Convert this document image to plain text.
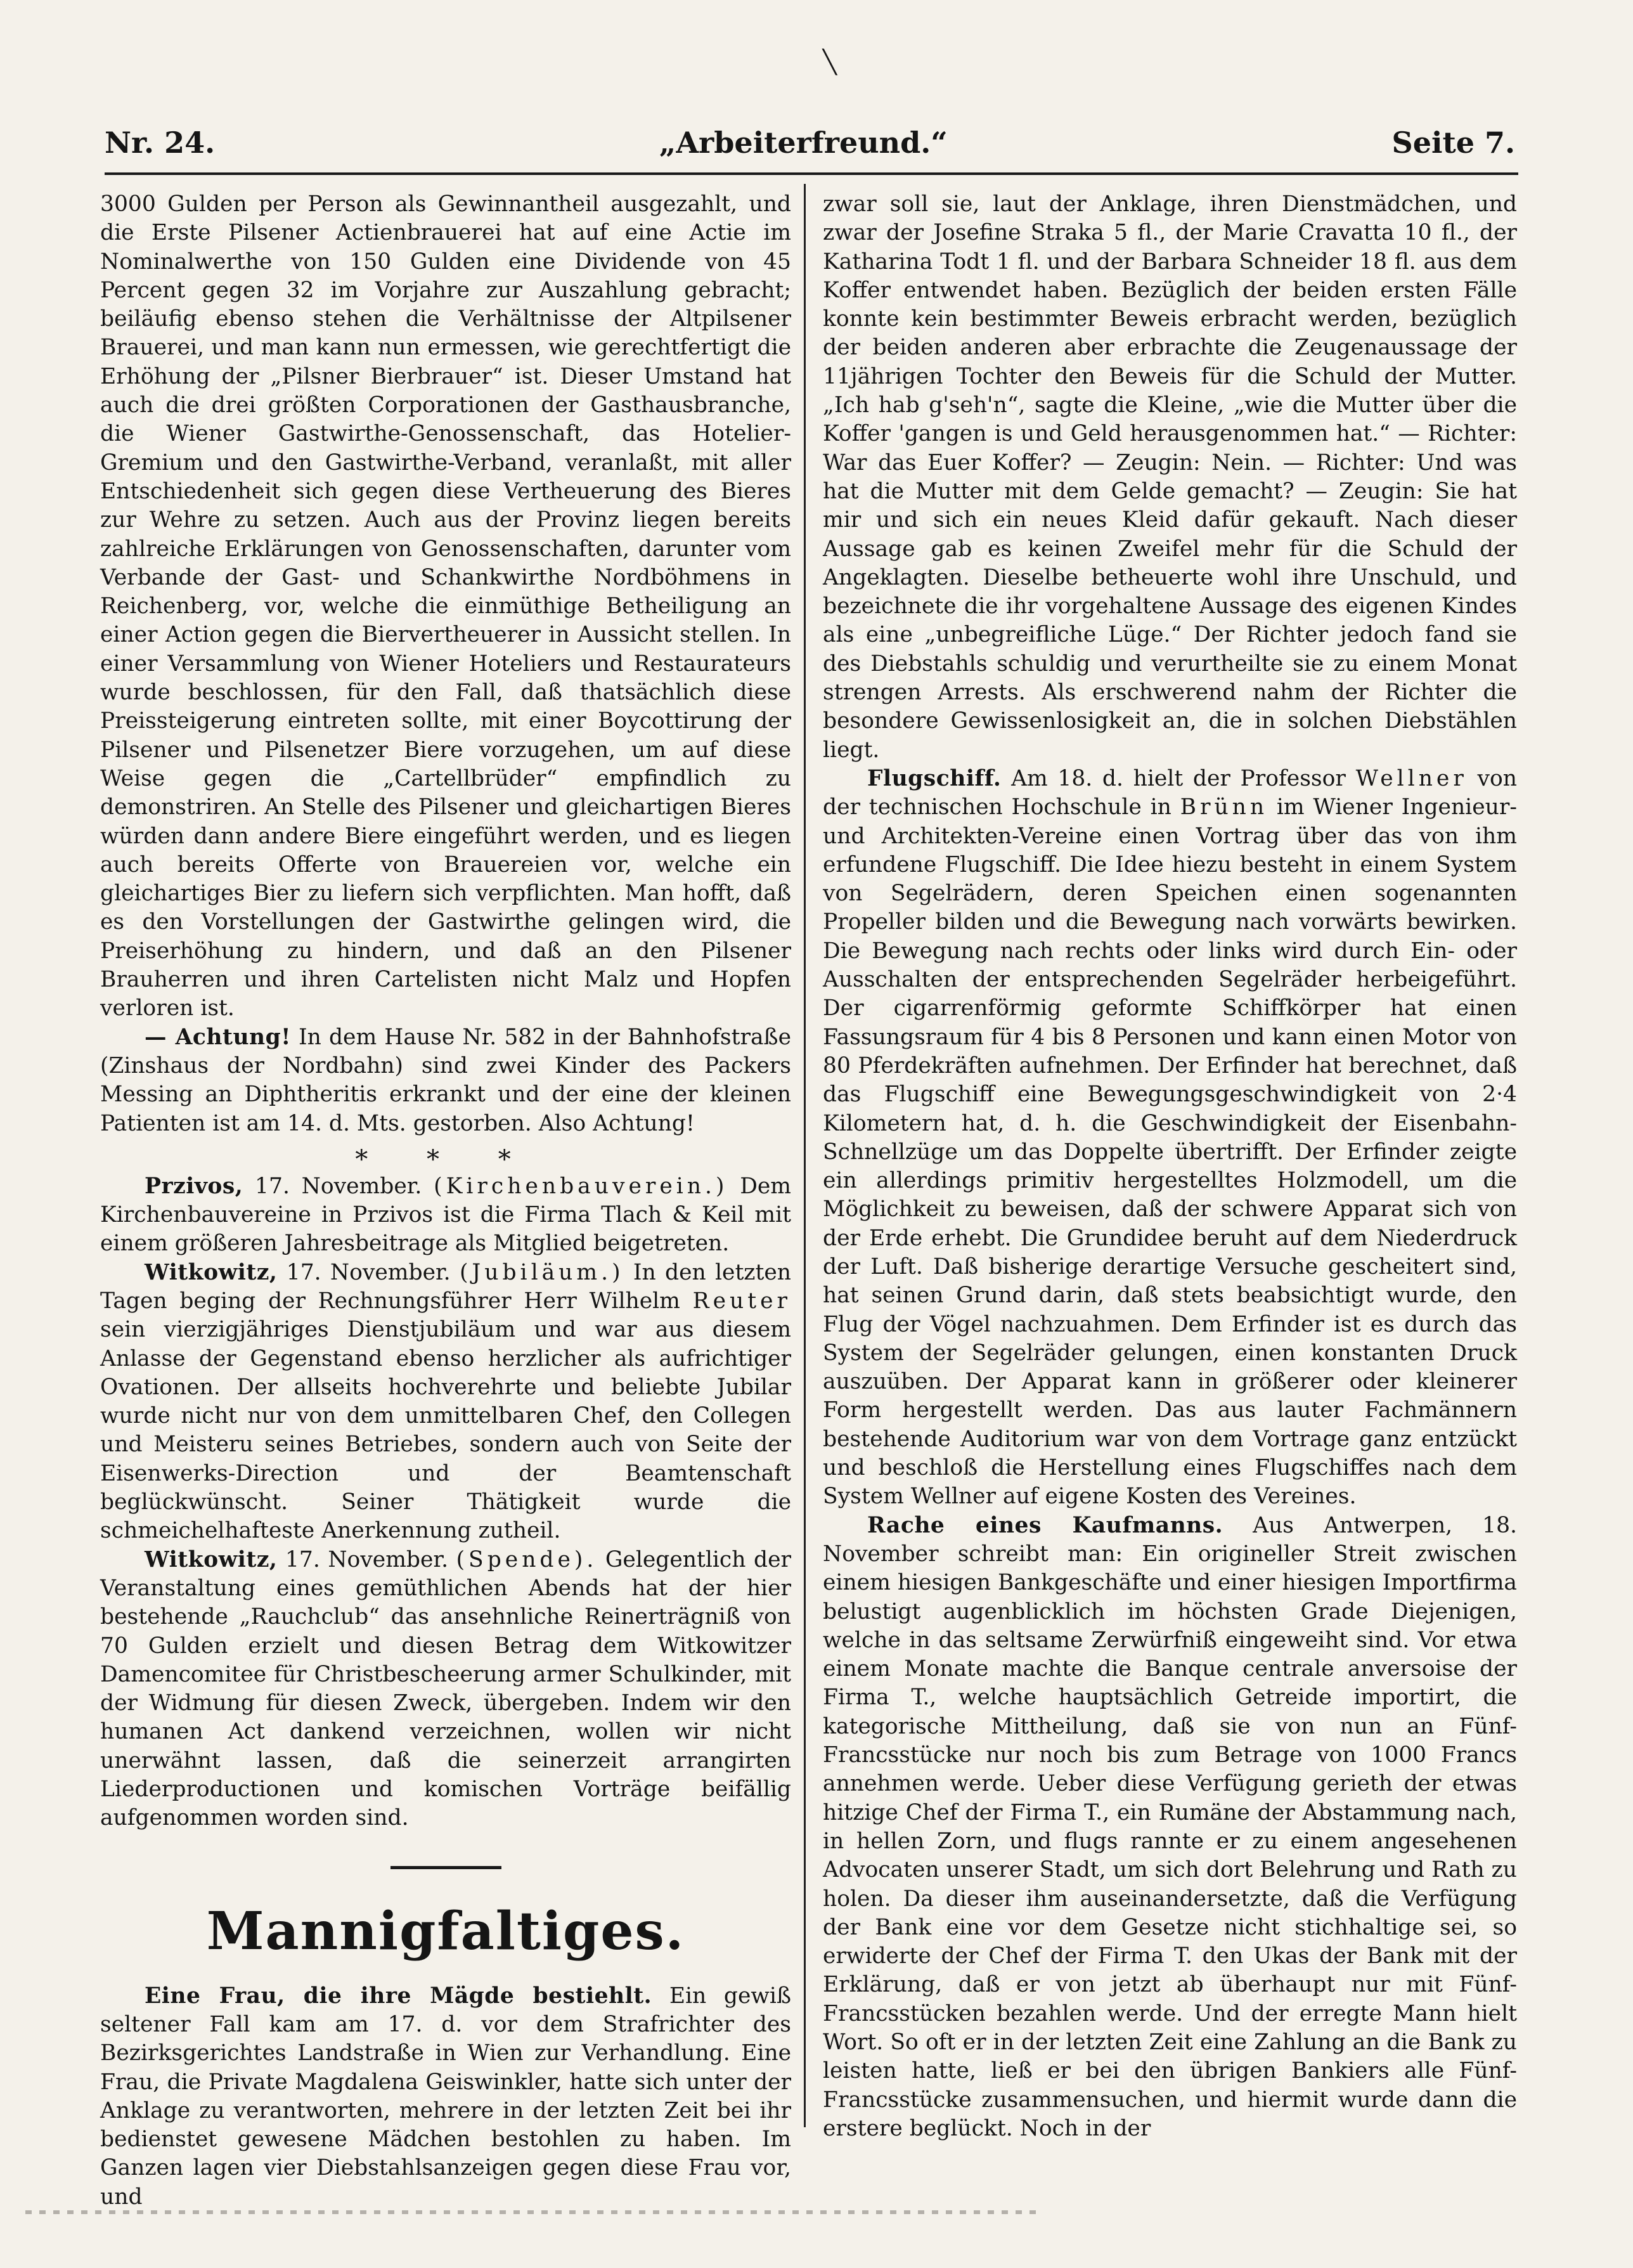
╲
Nr. 24.	„Arbeiterfreund.“	Seite 7.

3000 Gulden per Person als Gewinnantheil ausgezahlt, und die Erste Pilsener Actienbrauerei hat auf eine Actie im Nominalwerthe von 150 Gulden eine Dividende von 45 Percent gegen 32 im Vorjahre zur Auszahlung gebracht; beiläufig ebenso stehen die Verhältnisse der Altpilsener Brauerei, und man kann nun ermessen, wie gerechtfertigt die Erhöhung der „Pilsner Bierbrauer“ ist. Dieser Umstand hat auch die drei größten Corporationen der Gasthausbranche, die Wiener Gastwirthe-Genossenschaft, das Hotelier-Gremium und den Gastwirthe-Verband, veranlaßt, mit aller Entschiedenheit sich gegen diese Vertheuerung des Bieres zur Wehre zu setzen. Auch aus der Provinz liegen bereits zahlreiche Erklärungen von Genossenschaften, darunter vom Verbande der Gast- und Schankwirthe Nordböhmens in Reichenberg, vor, welche die einmüthige Betheiligung an einer Action gegen die Biervertheuerer in Aussicht stellen. In einer Versammlung von Wiener Hoteliers und Restaurateurs wurde beschlossen, für den Fall, daß thatsächlich diese Preissteigerung eintreten sollte, mit einer Boycottirung der Pilsener und Pilsenetzer Biere vorzugehen, um auf diese Weise gegen die „Cartellbrüder“ empfindlich zu demonstriren. An Stelle des Pilsener und gleichartigen Bieres würden dann andere Biere eingeführt werden, und es liegen auch bereits Offerte von Brauereien vor, welche ein gleichartiges Bier zu liefern sich verpflichten. Man hofft, daß es den Vorstellungen der Gastwirthe gelingen wird, die Preiserhöhung zu hindern, und daß an den Pilsener Brauherren und ihren Cartelisten nicht Malz und Hopfen verloren ist.

— Achtung! In dem Hause Nr. 582 in der Bahnhofstraße (Zinshaus der Nordbahn) sind zwei Kinder des Packers Messing an Diphtheritis erkrankt und der eine der kleinen Patienten ist am 14. d. Mts. gestorben. Also Achtung!

* * *

Przivos, 17. November. (Kirchenbauverein.) Dem Kirchenbauvereine in Przivos ist die Firma Tlach & Keil mit einem größeren Jahresbeitrage als Mitglied beigetreten.

Witkowitz, 17. November. (Jubiläum.) In den letzten Tagen beging der Rechnungsführer Herr Wilhelm Reuter sein vierzigjähriges Dienstjubiläum und war aus diesem Anlasse der Gegenstand ebenso herzlicher als aufrichtiger Ovationen. Der allseits hochverehrte und beliebte Jubilar wurde nicht nur von dem unmittelbaren Chef, den Collegen und Meisteru seines Betriebes, sondern auch von Seite der Eisenwerks-Direction und der Beamtenschaft beglückwünscht. Seiner Thätigkeit wurde die schmeichelhafteste Anerkennung zutheil.

Witkowitz, 17. November. (Spende). Gelegentlich der Veranstaltung eines gemüthlichen Abends hat der hier bestehende „Rauchclub“ das ansehnliche Reinerträgniß von 70 Gulden erzielt und diesen Betrag dem Witkowitzer Damencomitee für Christbescheerung armer Schulkinder, mit der Widmung für diesen Zweck, übergeben. Indem wir den humanen Act dankend verzeichnen, wollen wir nicht unerwähnt lassen, daß die seinerzeit arrangirten Liederproductionen und komischen Vorträge beifällig aufgenommen worden sind.

Mannigfaltiges.

Eine Frau, die ihre Mägde bestiehlt. Ein gewiß seltener Fall kam am 17. d. vor dem Strafrichter des Bezirksgerichtes Landstraße in Wien zur Verhandlung. Eine Frau, die Private Magdalena Geiswinkler, hatte sich unter der Anklage zu verantworten, mehrere in der letzten Zeit bei ihr bedienstet gewesene Mädchen bestohlen zu haben. Im Ganzen lagen vier Diebstahlsanzeigen gegen diese Frau vor, und

zwar soll sie, laut der Anklage, ihren Dienstmädchen, und zwar der Josefine Straka 5 fl., der Marie Cravatta 10 fl., der Katharina Todt 1 fl. und der Barbara Schneider 18 fl. aus dem Koffer entwendet haben. Bezüglich der beiden ersten Fälle konnte kein bestimmter Beweis erbracht werden, bezüglich der beiden anderen aber erbrachte die Zeugenaussage der 11jährigen Tochter den Beweis für die Schuld der Mutter. „Ich hab g'seh'n“, sagte die Kleine, „wie die Mutter über die Koffer 'gangen is und Geld herausgenommen hat.“ — Richter: War das Euer Koffer? — Zeugin: Nein. — Richter: Und was hat die Mutter mit dem Gelde gemacht? — Zeugin: Sie hat mir und sich ein neues Kleid dafür gekauft. Nach dieser Aussage gab es keinen Zweifel mehr für die Schuld der Angeklagten. Dieselbe betheuerte wohl ihre Unschuld, und bezeichnete die ihr vorgehaltene Aussage des eigenen Kindes als eine „unbegreifliche Lüge.“ Der Richter jedoch fand sie des Diebstahls schuldig und verurtheilte sie zu einem Monat strengen Arrests. Als erschwerend nahm der Richter die besondere Gewissenlosigkeit an, die in solchen Diebstählen liegt.

Flugschiff. Am 18. d. hielt der Professor Wellner von der technischen Hochschule in Brünn im Wiener Ingenieur- und Architekten-Vereine einen Vortrag über das von ihm erfundene Flugschiff. Die Idee hiezu besteht in einem System von Segelrädern, deren Speichen einen sogenannten Propeller bilden und die Bewegung nach vorwärts bewirken. Die Bewegung nach rechts oder links wird durch Ein- oder Ausschalten der entsprechenden Segelräder herbeigeführt. Der cigarrenförmig geformte Schiffkörper hat einen Fassungsraum für 4 bis 8 Personen und kann einen Motor von 80 Pferdekräften aufnehmen. Der Erfinder hat berechnet, daß das Flugschiff eine Bewegungsgeschwindigkeit von 2·4 Kilometern hat, d. h. die Geschwindigkeit der Eisenbahn-Schnellzüge um das Doppelte übertrifft. Der Erfinder zeigte ein allerdings primitiv hergestelltes Holzmodell, um die Möglichkeit zu beweisen, daß der schwere Apparat sich von der Erde erhebt. Die Grundidee beruht auf dem Niederdruck der Luft. Daß bisherige derartige Versuche gescheitert sind, hat seinen Grund darin, daß stets beabsichtigt wurde, den Flug der Vögel nachzuahmen. Dem Erfinder ist es durch das System der Segelräder gelungen, einen konstanten Druck auszuüben. Der Apparat kann in größerer oder kleinerer Form hergestellt werden. Das aus lauter Fachmännern bestehende Auditorium war von dem Vortrage ganz entzückt und beschloß die Herstellung eines Flugschiffes nach dem System Wellner auf eigene Kosten des Vereines.

Rache eines Kaufmanns. Aus Antwerpen, 18. November schreibt man: Ein origineller Streit zwischen einem hiesigen Bankgeschäfte und einer hiesigen Importfirma belustigt augenblicklich im höchsten Grade Diejenigen, welche in das seltsame Zerwürfniß eingeweiht sind. Vor etwa einem Monate machte die Banque centrale anversoise der Firma T., welche hauptsächlich Getreide importirt, die kategorische Mittheilung, daß sie von nun an Fünf-Francsstücke nur noch bis zum Betrage von 1000 Francs annehmen werde. Ueber diese Verfügung gerieth der etwas hitzige Chef der Firma T., ein Rumäne der Abstammung nach, in hellen Zorn, und flugs rannte er zu einem angesehenen Advocaten unserer Stadt, um sich dort Belehrung und Rath zu holen. Da dieser ihm auseinandersetzte, daß die Verfügung der Bank eine vor dem Gesetze nicht stichhaltige sei, so erwiderte der Chef der Firma T. den Ukas der Bank mit der Erklärung, daß er von jetzt ab überhaupt nur mit Fünf-Francsstücken bezahlen werde. Und der erregte Mann hielt Wort. So oft er in der letzten Zeit eine Zahlung an die Bank zu leisten hatte, ließ er bei den übrigen Bankiers alle Fünf-Francsstücke zusammensuchen, und hiermit wurde dann die erstere beglückt. Noch in der
